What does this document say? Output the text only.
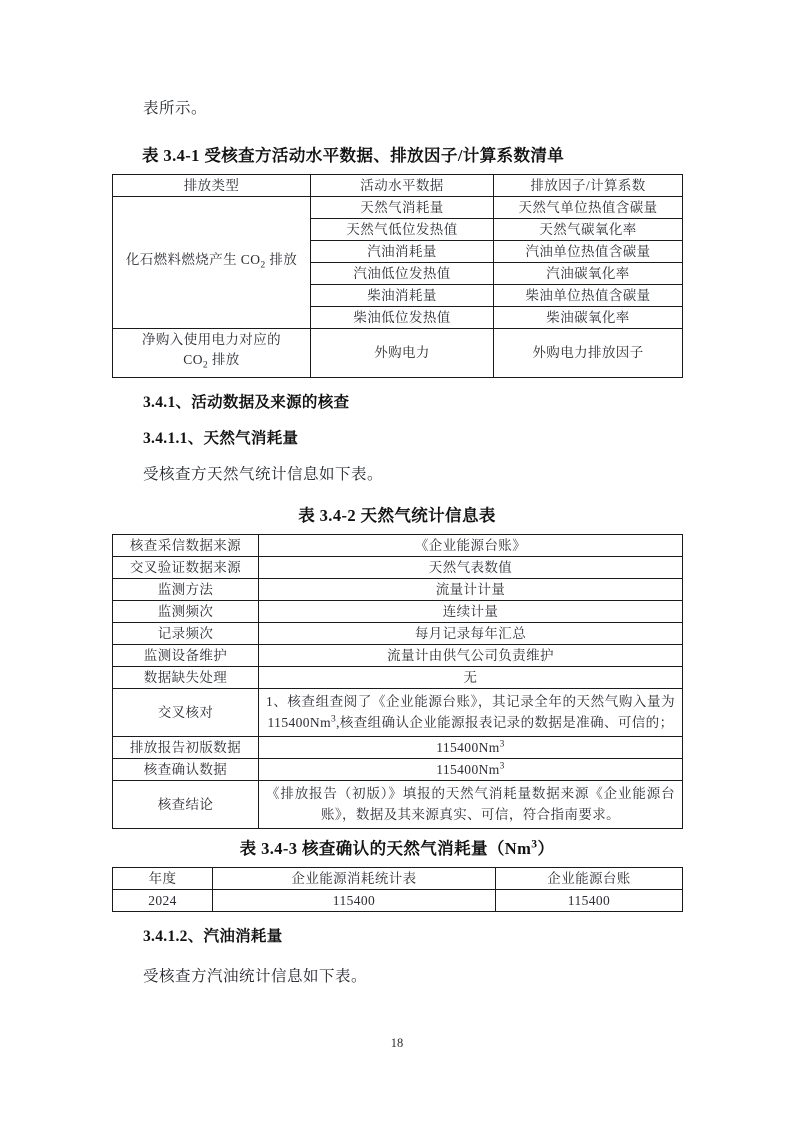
表所示。

表 3.4-1 受核查方活动水平数据、排放因子/计算系数清单

排放类型	活动水平数据	排放因子/计算系数
化石燃料燃烧产生 $CO_2$ 排放	天然气消耗量	天然气单位热值含碳量
	天然气低位发热值	天然气碳氧化率
	汽油消耗量	汽油单位热值含碳量
	汽油低位发热值	汽油碳氧化率
	柴油消耗量	柴油单位热值含碳量
	柴油低位发热值	柴油碳氧化率
净购入使用电力对应的
$CO_2$ 排放	外购电力	外购电力排放因子

3.4.1、活动数据及来源的核查

3.4.1.1、天然气消耗量

受核查方天然气统计信息如下表。

表 3.4-2 天然气统计信息表

核查采信数据来源	《企业能源台账》
交叉验证数据来源	天然气表数值
监测方法	流量计计量
监测频次	连续计量
记录频次	每月记录每年汇总
监测设备维护	流量计由供气公司负责维护
数据缺失处理	无
交叉核对	1、核查组查阅了《企业能源台账》，其记录全年的天然气购入量为 115400Nm$^3$,核查组确认企业能源报表记录的数据是准确、可信的；
排放报告初版数据	115400Nm$^3$
核查确认数据	115400Nm$^3$
核查结论	《排放报告（初版）》填报的天然气消耗量数据来源《企业能源台账》，数据及其来源真实、可信，符合指南要求。

表 3.4-3 核查确认的天然气消耗量（Nm$^3$）

年度	企业能源消耗统计表	企业能源台账
2024	115400	115400

3.4.1.2、汽油消耗量

受核查方汽油统计信息如下表。

18
